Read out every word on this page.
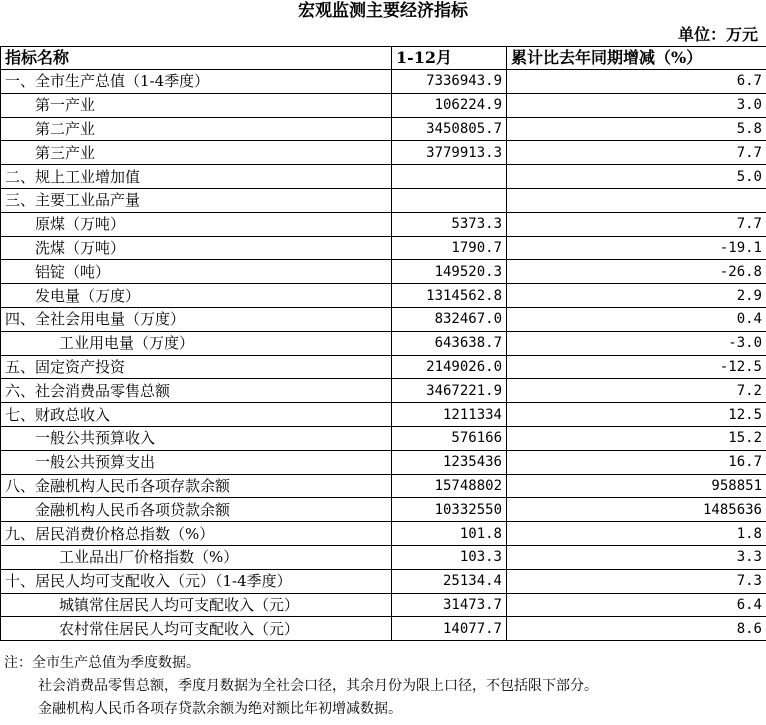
宏观监测主要经济指标
单位：万元
指标名称	1-12月	累计比去年同期增减（%）
一、全市生产总值（1-4季度）	7336943.9	6.7
第一产业	106224.9	3.0
第二产业	3450805.7	5.8
第三产业	3779913.3	7.7
二、规上工业增加值		5.0
三、主要工业品产量		
原煤（万吨）	5373.3	7.7
洗煤（万吨）	1790.7	-19.1
铝锭（吨）	149520.3	-26.8
发电量（万度）	1314562.8	2.9
四、全社会用电量（万度）	832467.0	0.4
工业用电量（万度）	643638.7	-3.0
五、固定资产投资	2149026.0	-12.5
六、社会消费品零售总额	3467221.9	7.2
七、财政总收入	1211334	12.5
一般公共预算收入	576166	15.2
一般公共预算支出	1235436	16.7
八、金融机构人民币各项存款余额	15748802	958851
金融机构人民币各项贷款余额	10332550	1485636
九、居民消费价格总指数（%）	101.8	1.8
工业品出厂价格指数（%）	103.3	3.3
十、居民人均可支配收入（元）（1-4季度）	25134.4	7.3
城镇常住居民人均可支配收入（元）	31473.7	6.4
农村常住居民人均可支配收入（元）	14077.7	8.6
注：全市生产总值为季度数据。
社会消费品零售总额，季度月数据为全社会口径，其余月份为限上口径，不包括限下部分。
金融机构人民币各项存贷款余额为绝对额比年初增减数据。
